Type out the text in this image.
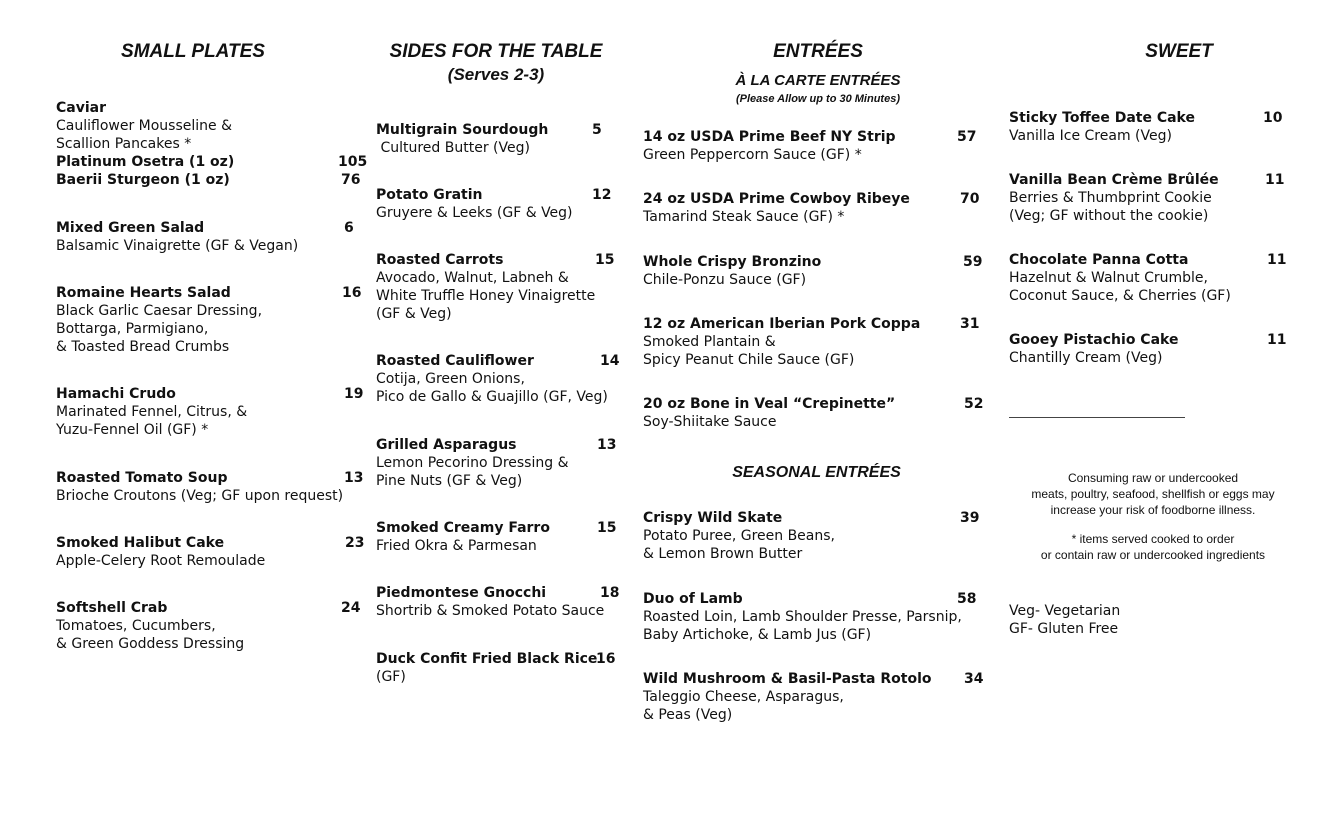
SMALL PLATES
Caviar
Cauliflower Mousseline &
Scallion Pancakes *
Platinum Osetra (1 oz)	105
Baerii Sturgeon (1 oz)	76
Mixed Green Salad	6
Balsamic Vinaigrette (GF & Vegan)
Romaine Hearts Salad	16
Black Garlic Caesar Dressing,
Bottarga, Parmigiano,
& Toasted Bread Crumbs
Hamachi Crudo	19
Marinated Fennel, Citrus, &
Yuzu-Fennel Oil (GF) *
Roasted Tomato Soup	13
Brioche Croutons (Veg; GF upon request)
Smoked Halibut Cake	23
Apple-Celery Root Remoulade
Softshell Crab	24
Tomatoes, Cucumbers,
& Green Goddess Dressing
SIDES FOR THE TABLE
(Serves 2-3)
Multigrain Sourdough	5
Cultured Butter (Veg)
Potato Gratin	12
Gruyere & Leeks (GF & Veg)
Roasted Carrots	15
Avocado, Walnut, Labneh &
White Truffle Honey Vinaigrette
(GF & Veg)
Roasted Cauliflower	14
Cotija, Green Onions,
Pico de Gallo & Guajillo (GF, Veg)
Grilled Asparagus	13
Lemon Pecorino Dressing &
Pine Nuts (GF & Veg)
Smoked Creamy Farro	15
Fried Okra & Parmesan
Piedmontese Gnocchi	18
Shortrib & Smoked Potato Sauce
Duck Confit Fried Black Rice
16
(GF)
ENTRÉES
À LA CARTE ENTRÉES
(Please Allow up to 30 Minutes)
14 oz USDA Prime Beef NY Strip	57
Green Peppercorn Sauce (GF) *
24 oz USDA Prime Cowboy Ribeye	70
Tamarind Steak Sauce (GF) *
Whole Crispy Bronzino	59
Chile-Ponzu Sauce (GF)
12 oz American Iberian Pork Coppa	31
Smoked Plantain &
Spicy Peanut Chile Sauce (GF)
20 oz Bone in Veal “Crepinette”	52
Soy-Shiitake Sauce
SEASONAL ENTRÉES
Crispy Wild Skate	39
Potato Puree, Green Beans,
& Lemon Brown Butter
Duo of Lamb	58
Roasted Loin, Lamb Shoulder Presse, Parsnip,
Baby Artichoke, & Lamb Jus (GF)
Wild Mushroom & Basil-Pasta Rotolo	34
Taleggio Cheese, Asparagus,
& Peas (Veg)
SWEET
Sticky Toffee Date Cake	10
Vanilla Ice Cream (Veg)
Vanilla Bean Crème Brûlée	11
Berries & Thumbprint Cookie
(Veg; GF without the cookie)
Chocolate Panna Cotta	11
Hazelnut & Walnut Crumble,
Coconut Sauce, & Cherries (GF)
Gooey Pistachio Cake	11
Chantilly Cream (Veg)
Consuming raw or undercooked
meats, poultry, seafood, shellfish or eggs may
increase your risk of foodborne illness.
* items served cooked to order
or contain raw or undercooked ingredients
Veg- Vegetarian
GF- Gluten Free
